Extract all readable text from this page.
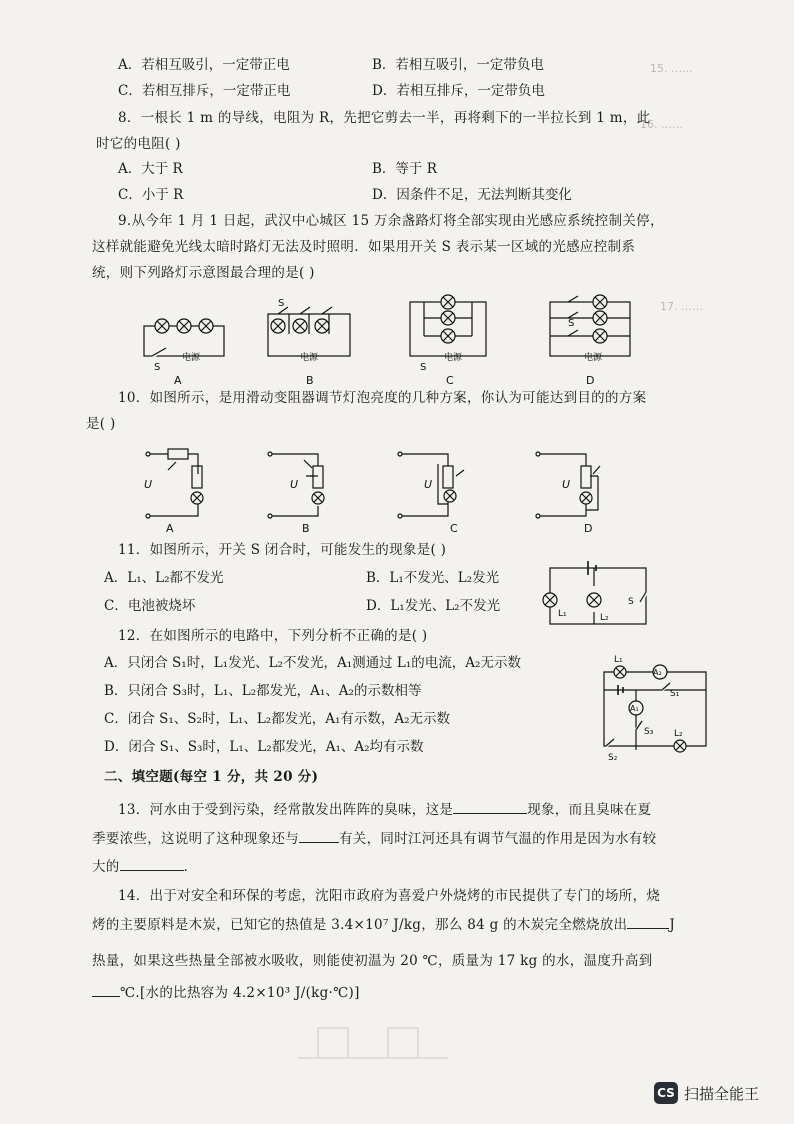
15. ……
16. ……
17. ……
A．若相互吸引，一定带正电	B．若相互吸引，一定带负电
C．若相互排斥，一定带正电	D．若相互排斥，一定带负电
8．一根长 1 m 的导线，电阻为 R，先把它剪去一半，再将剩下的一半拉长到 1 m，此
时它的电阻( )
A．大于 R	B．等于 R
C．小于 R	D．因条件不足，无法判断其变化
9.从今年 1 月 1 日起，武汉中心城区 15 万余盏路灯将全部实现由光感应系统控制关停，
这样就能避免光线太暗时路灯无法及时照明．如果用开关 S 表示某一区域的光感应控制系
统，则下列路灯示意图最合理的是( )
S
电源
S
电源
S
电源
S
电源
A	B	C	D
10．如图所示，是用滑动变阻器调节灯泡亮度的几种方案，你认为可能达到目的的方案
是( )
U	U	U	U
A	B	C	D
11．如图所示，开关 S 闭合时，可能发生的现象是( )
A．L₁、L₂都不发光	B．L₁不发光、L₂发光
C．电池被烧坏	D．L₁发光、L₂不发光	L₁	L₂
S
12．在如图所示的电路中，下列分析不正确的是( )
A．只闭合 S₁时，L₁发光、L₂不发光，A₁测通过 L₁的电流，A₂无示数
B．只闭合 S₃时，L₁、L₂都发光，A₁、A₂的示数相等
C．闭合 S₁、S₂时，L₁、L₂都发光，A₁有示数，A₂无示数
D．闭合 S₁、S₃时，L₁、L₂都发光，A₁、A₂均有示数
L₁
A₂
A₁
S₁
S₃ L₂
S₂
二、填空题(每空 1 分，共 20 分)
13．河水由于受到污染，经常散发出阵阵的臭味，这是	现象，而且臭味在夏
季要浓些，这说明了这种现象还与	有关，同时江河还具有调节气温的作用是因为水有较
大的	．
14．出于对安全和环保的考虑，沈阳市政府为喜爱户外烧烤的市民提供了专门的场所，烧
烤的主要原料是木炭，已知它的热值是 3.4×10⁷ J/kg，那么 84 g 的木炭完全燃烧放出	J
热量，如果这些热量全部被水吸收，则能使初温为 20 ℃，质量为 17 kg 的水，温度升高到
℃.[水的比热容为 4.2×10³ J/(kg·℃)]
CS 扫描全能王
